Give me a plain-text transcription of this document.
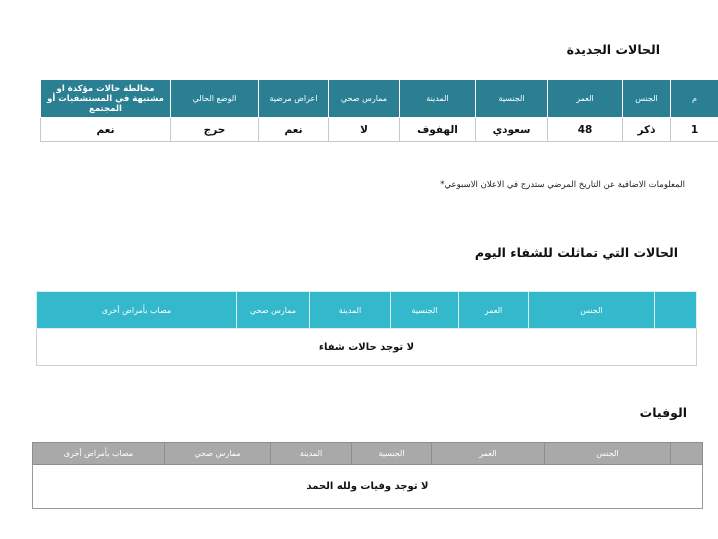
الحالات الجديدة
م	الجنس	العمر	الجنسية	المدينة	ممارس صحي	اعراض مرضية	الوضع الحالي	مخالطة حالات مؤكدة او مشتبهة في المستشفيات أو المجتمع
1	ذكر	48	سعودي	الهفوف	لا	نعم	حرج	نعم
المعلومات الاضافية عن التاريخ المرضي ستدرج في الاعلان الاسبوعي*
الحالات التي تماثلت للشفاء اليوم
	الجنس	العمر	الجنسية	المدينة	ممارس صحي	مصاب بأمراض أخرى
لا توجد حالات شفاء
الوفيات
	الجنس	العمر	الجنسية	المدينة	ممارس صحي	مصاب بأمراض أخرى
لا توجد وفيات ولله الحمد
